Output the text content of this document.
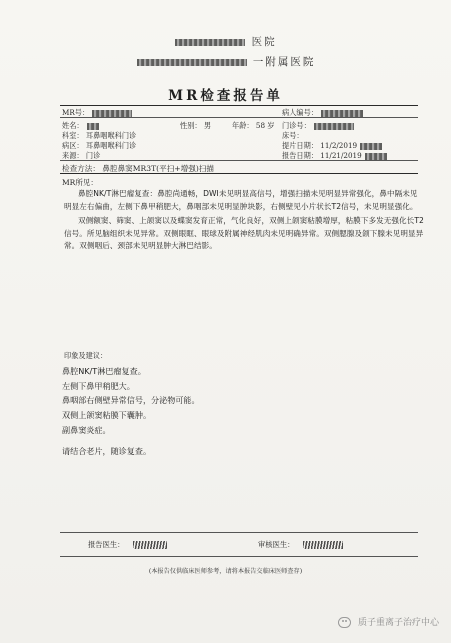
医院
一附属医院
MR检查报告单
MR号：	病人编号：
姓名：	性别： 男	年龄： 58 岁 门诊号：
科室： 耳鼻咽喉科门诊	床号：
病区： 耳鼻咽喉科门诊	提片日期： 11/2/2019
来源： 门诊	报告日期： 11/21/2019
检查方法： 鼻腔鼻窦MR3T(平扫+增强)扫描
MR所见：

鼻腔NK/T淋巴瘤复查：鼻腔尚通畅，DWI未见明显高信号，增强扫描未见明显异常强化，鼻中隔未见明显左右偏曲，左侧下鼻甲稍肥大，鼻咽部未见明显肿块影，右侧壁见小片状长T2信号，未见明显强化。

双侧额窦、筛窦、上颌窦以及蝶窦发育正常，气化良好，双侧上颌窦粘膜增厚，粘膜下多发无强化长T2信号。所见脑组织未见异常。双侧眼眶、眼球及附属神经肌肉未见明确异常。双侧腮腺及颌下腺未见明显异常。双侧咽后、颈部未见明显肿大淋巴结影。

印象及建议：
鼻腔NK/T淋巴瘤复查。
左侧下鼻甲稍肥大。
鼻咽部右侧壁异常信号，分泌物可能。
双侧上颌窦粘膜下囊肿。
副鼻窦炎症。
请结合老片，随诊复查。
报告医生：	审核医生：
(本报告仅供临床医师参考，请将本报告交临床医师查存)
质子重离子治疗中心
